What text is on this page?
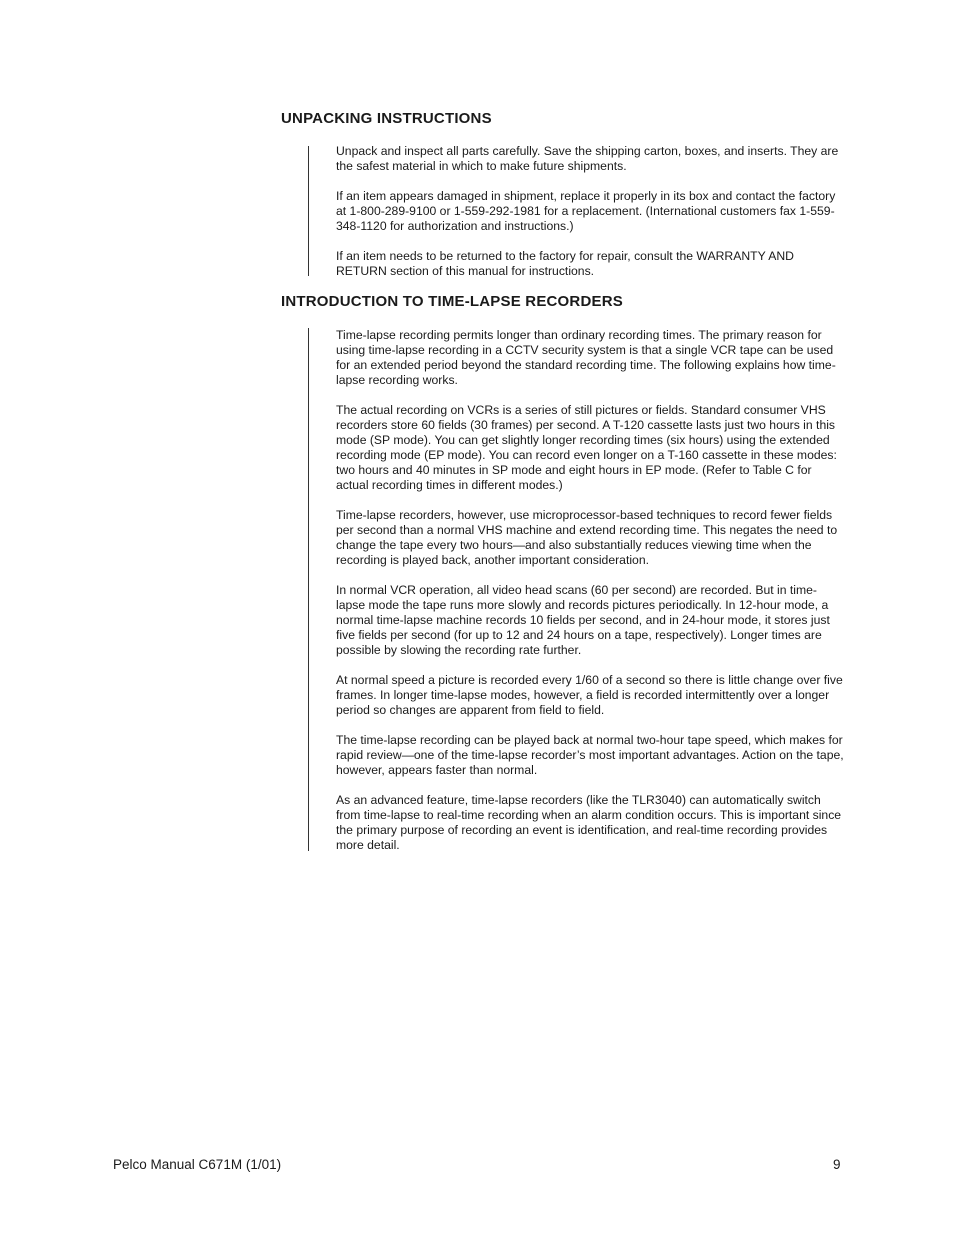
UNPACKING INSTRUCTIONS

Unpack and inspect all parts carefully. Save the shipping carton, boxes, and inserts. They are the safest material in which to make future shipments.

If an item appears damaged in shipment, replace it properly in its box and contact the factory at 1-800-289-9100 or 1-559-292-1981 for a replacement. (International customers fax 1-559-348-1120 for authorization and instructions.)

If an item needs to be returned to the factory for repair, consult the WARRANTY AND RETURN section of this manual for instructions.

INTRODUCTION TO TIME-LAPSE RECORDERS

Time-lapse recording permits longer than ordinary recording times. The primary reason for using time-lapse recording in a CCTV security system is that a single VCR tape can be used for an extended period beyond the standard recording time. The following explains how time-lapse recording works.

The actual recording on VCRs is a series of still pictures or fields. Standard consumer VHS recorders store 60 fields (30 frames) per second. A T-120 cassette lasts just two hours in this mode (SP mode). You can get slightly longer recording times (six hours) using the extended recording mode (EP mode). You can record even longer on a T-160 cassette in these modes: two hours and 40 minutes in SP mode and eight hours in EP mode. (Refer to Table C for actual recording times in different modes.)

Time-lapse recorders, however, use microprocessor-based techniques to record fewer fields per second than a normal VHS machine and extend recording time. This negates the need to change the tape every two hours—and also substantially reduces viewing time when the recording is played back, another important consideration.

In normal VCR operation, all video head scans (60 per second) are recorded. But in time-lapse mode the tape runs more slowly and records pictures periodically. In 12-hour mode, a normal time-lapse machine records 10 fields per second, and in 24-hour mode, it stores just five fields per second (for up to 12 and 24 hours on a tape, respectively). Longer times are possible by slowing the recording rate further.

At normal speed a picture is recorded every 1/60 of a second so there is little change over five frames. In longer time-lapse modes, however, a field is recorded intermittently over a longer period so changes are apparent from field to field.

The time-lapse recording can be played back at normal two-hour tape speed, which makes for rapid review—one of the time-lapse recorder’s most important advantages. Action on the tape, however, appears faster than normal.

As an advanced feature, time-lapse recorders (like the TLR3040) can automatically switch from time-lapse to real-time recording when an alarm condition occurs. This is important since the primary purpose of recording an event is identification, and real-time recording provides more detail.

Pelco Manual C671M (1/01)	9
